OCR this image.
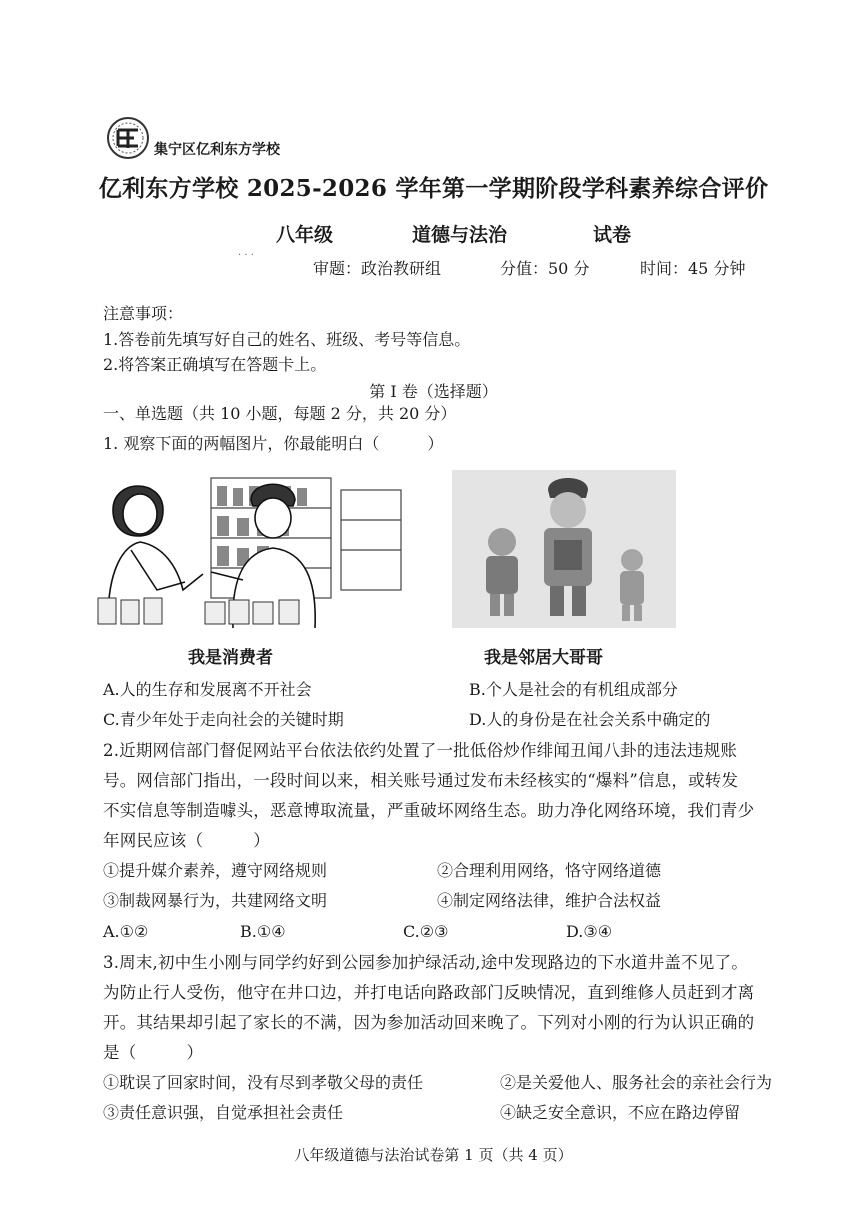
集宁区亿利东方学校
亿利东方学校 2025-2026 学年第一学期阶段学科素养综合评价
八年级	道德与法治	试卷
· · ·
审题：政治教研组	分值：50 分	时间：45 分钟
注意事项：
1.答卷前先填写好自己的姓名、班级、考号等信息。
2.将答案正确填写在答题卡上。
第 I 卷（选择题）
一、单选题（共 10 小题，每题 2 分，共 20 分）
1. 观察下面的两幅图片，你最能明白（　　　）
我是消费者	我是邻居大哥哥
A.人的生存和发展离不开社会	B.个人是社会的有机组成部分
C.青少年处于走向社会的关键时期	D.人的身份是在社会关系中确定的
2.近期网信部门督促网站平台依法依约处置了一批低俗炒作绯闻丑闻八卦的违法违规账
号。网信部门指出，一段时间以来，相关账号通过发布未经核实的“爆料”信息，或转发
不实信息等制造噱头，恶意博取流量，严重破坏网络生态。助力净化网络环境，我们青少
年网民应该（　　　）
①提升媒介素养，遵守网络规则	②合理利用网络，恪守网络道德
③制裁网暴行为，共建网络文明	④制定网络法律，维护合法权益
A.①②	B.①④	C.②③	D.③④
3.周末,初中生小刚与同学约好到公园参加护绿活动,途中发现路边的下水道井盖不见了。
为防止行人受伤，他守在井口边，并打电话向路政部门反映情况，直到维修人员赶到才离
开。其结果却引起了家长的不满，因为参加活动回来晚了。下列对小刚的行为认识正确的
是（　　　）
①耽误了回家时间，没有尽到孝敬父母的责任	②是关爱他人、服务社会的亲社会行为
③责任意识强，自觉承担社会责任	④缺乏安全意识，不应在路边停留
八年级道德与法治试卷第 1 页（共 4 页）
